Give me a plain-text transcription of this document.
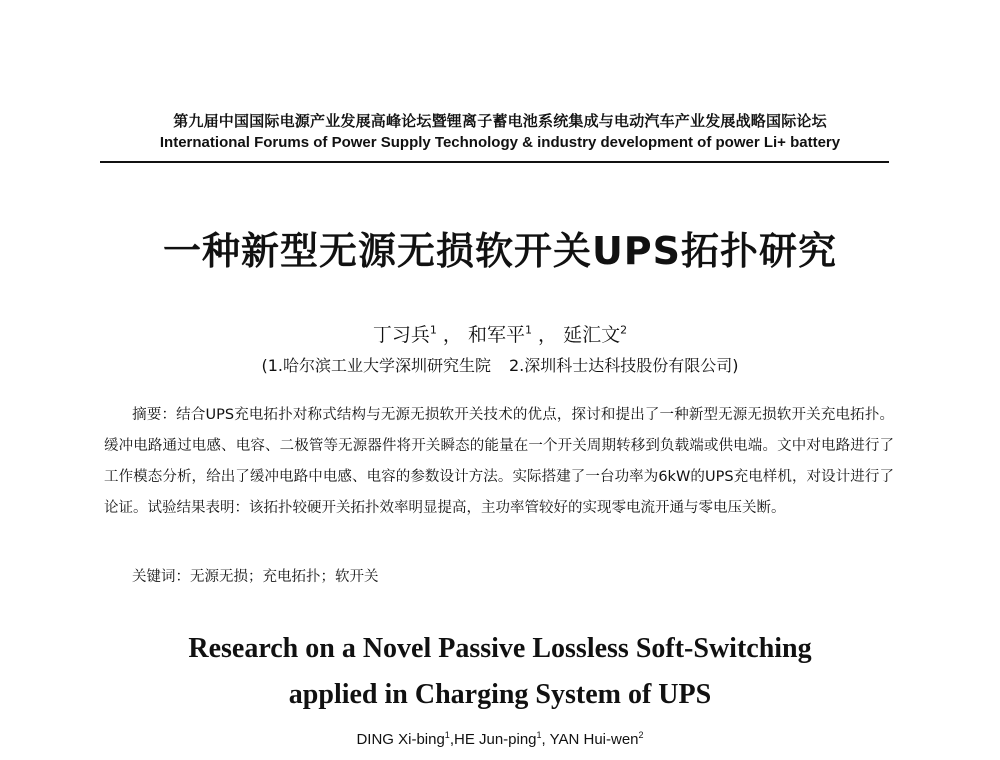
第九届中国国际电源产业发展高峰论坛暨锂离子蓄电池系统集成与电动汽车产业发展战略国际论坛
International Forums of Power Supply Technology & industry development of power Li+ battery
一种新型无源无损软开关UPS拓扑研究
丁习兵$^1$ ， 和军平$^1$ ， 延汇文$^2$
(1.哈尔滨工业大学深圳研究生院 2.深圳科士达科技股份有限公司)
摘要：结合UPS充电拓扑对称式结构与无源无损软开关技术的优点，探讨和提出了一种新型无源无损软开关充电拓扑。缓冲电路通过电感、电容、二极管等无源器件将开关瞬态的能量在一个开关周期转移到负载端或供电端。文中对电路进行了工作模态分析，给出了缓冲电路中电感、电容的参数设计方法。实际搭建了一台功率为6kW的UPS充电样机，对设计进行了论证。试验结果表明：该拓扑较硬开关拓扑效率明显提高，主功率管较好的实现零电流开通与零电压关断。
关键词：无源无损；充电拓扑；软开关
Research on a Novel Passive Lossless Soft-Switching
applied in Charging System of UPS
DING Xi-bing$^1$,HE Jun-ping$^1$, YAN Hui-wen$^2$
